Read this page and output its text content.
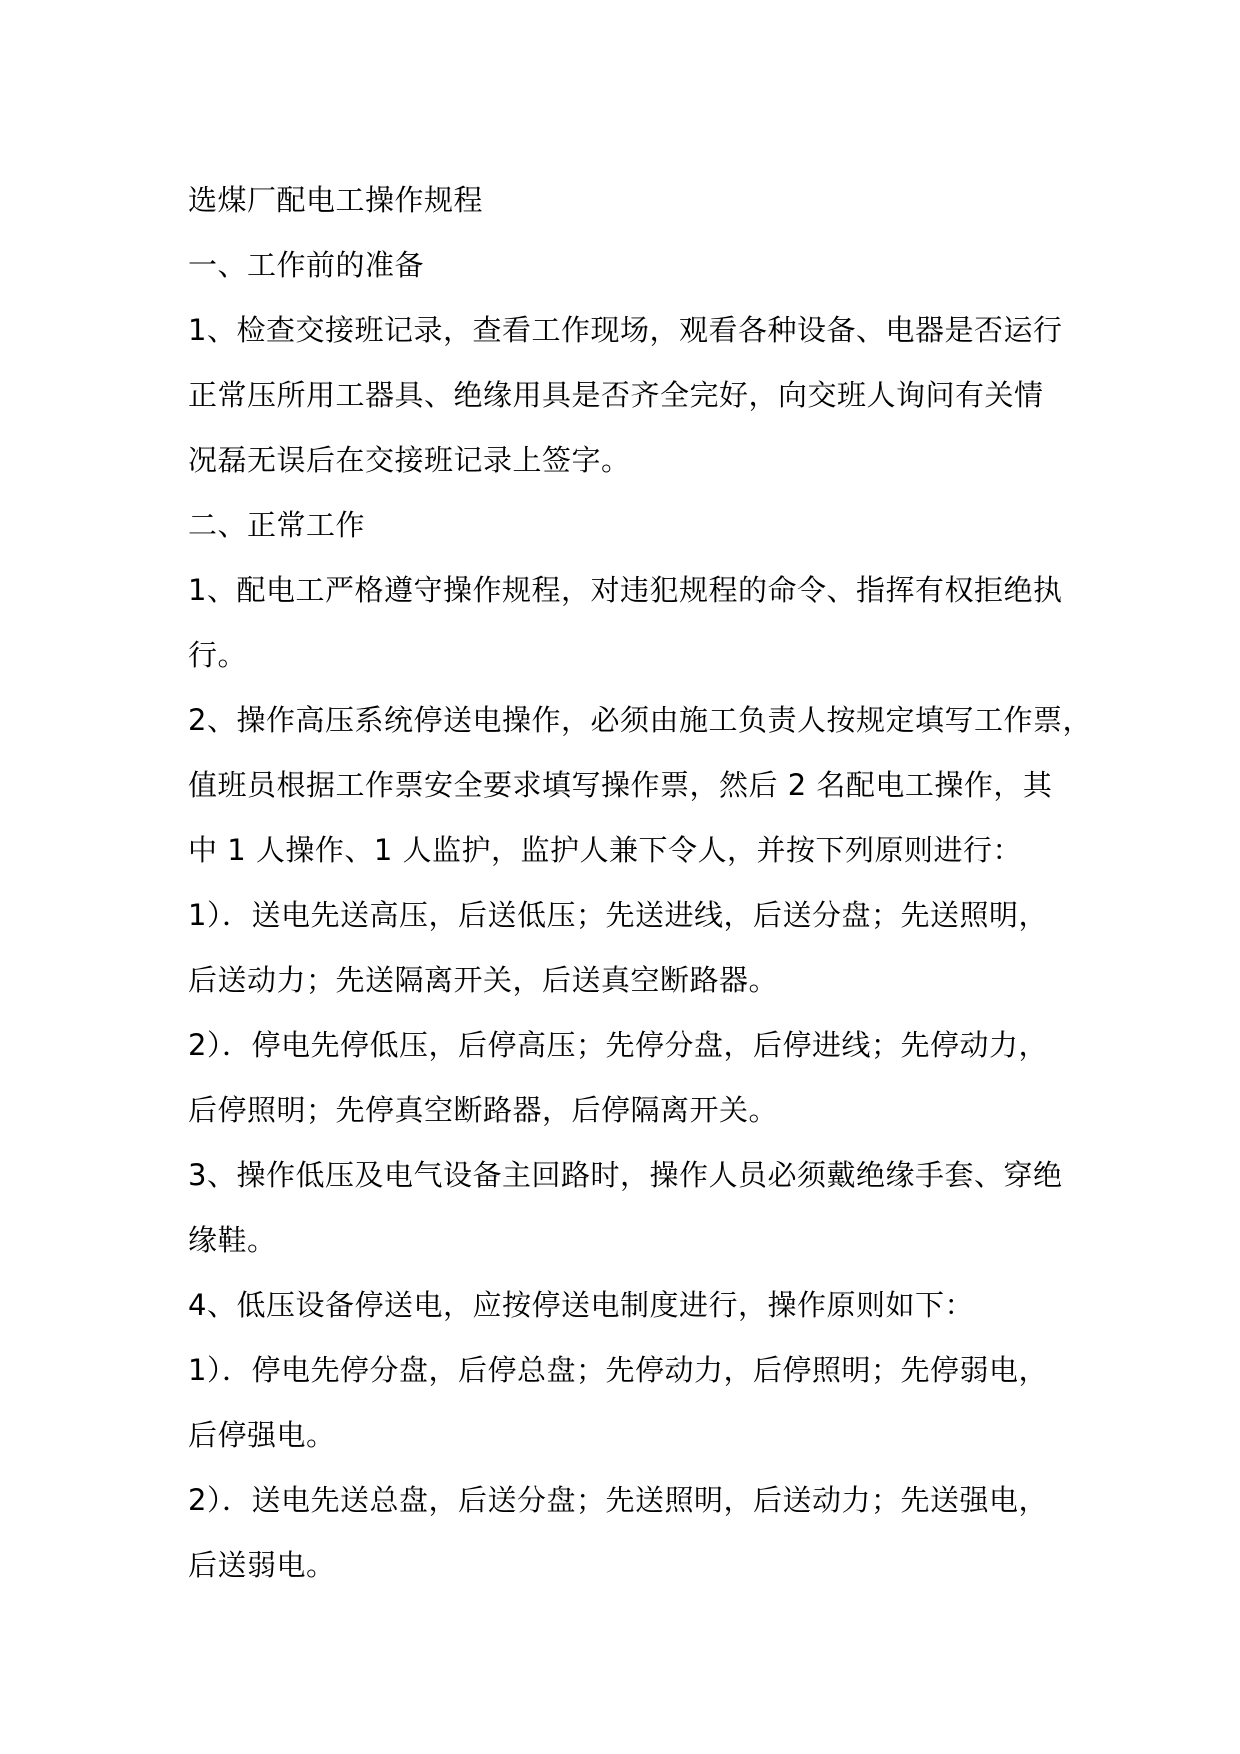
选煤厂配电工操作规程
一、工作前的准备
1、检查交接班记录，查看工作现场，观看各种设备、电器是否运行
正常压所用工器具、绝缘用具是否齐全完好，向交班人询问有关情
况磊无误后在交接班记录上签字。
二、正常工作
1、配电工严格遵守操作规程，对违犯规程的命令、指挥有权拒绝执
行。
2、操作高压系统停送电操作，必须由施工负责人按规定填写工作票，
值班员根据工作票安全要求填写操作票，然后 2 名配电工操作，其
中 1 人操作、1 人监护，监护人兼下令人，并按下列原则进行：
1）．送电先送高压，后送低压；先送进线，后送分盘；先送照明，
后送动力；先送隔离开关，后送真空断路器。
2）．停电先停低压，后停高压；先停分盘，后停进线；先停动力，
后停照明；先停真空断路器，后停隔离开关。
3、操作低压及电气设备主回路时，操作人员必须戴绝缘手套、穿绝
缘鞋。
4、低压设备停送电，应按停送电制度进行，操作原则如下：
1）．停电先停分盘，后停总盘；先停动力，后停照明；先停弱电，
后停强电。
2）．送电先送总盘，后送分盘；先送照明，后送动力；先送强电，
后送弱电。
